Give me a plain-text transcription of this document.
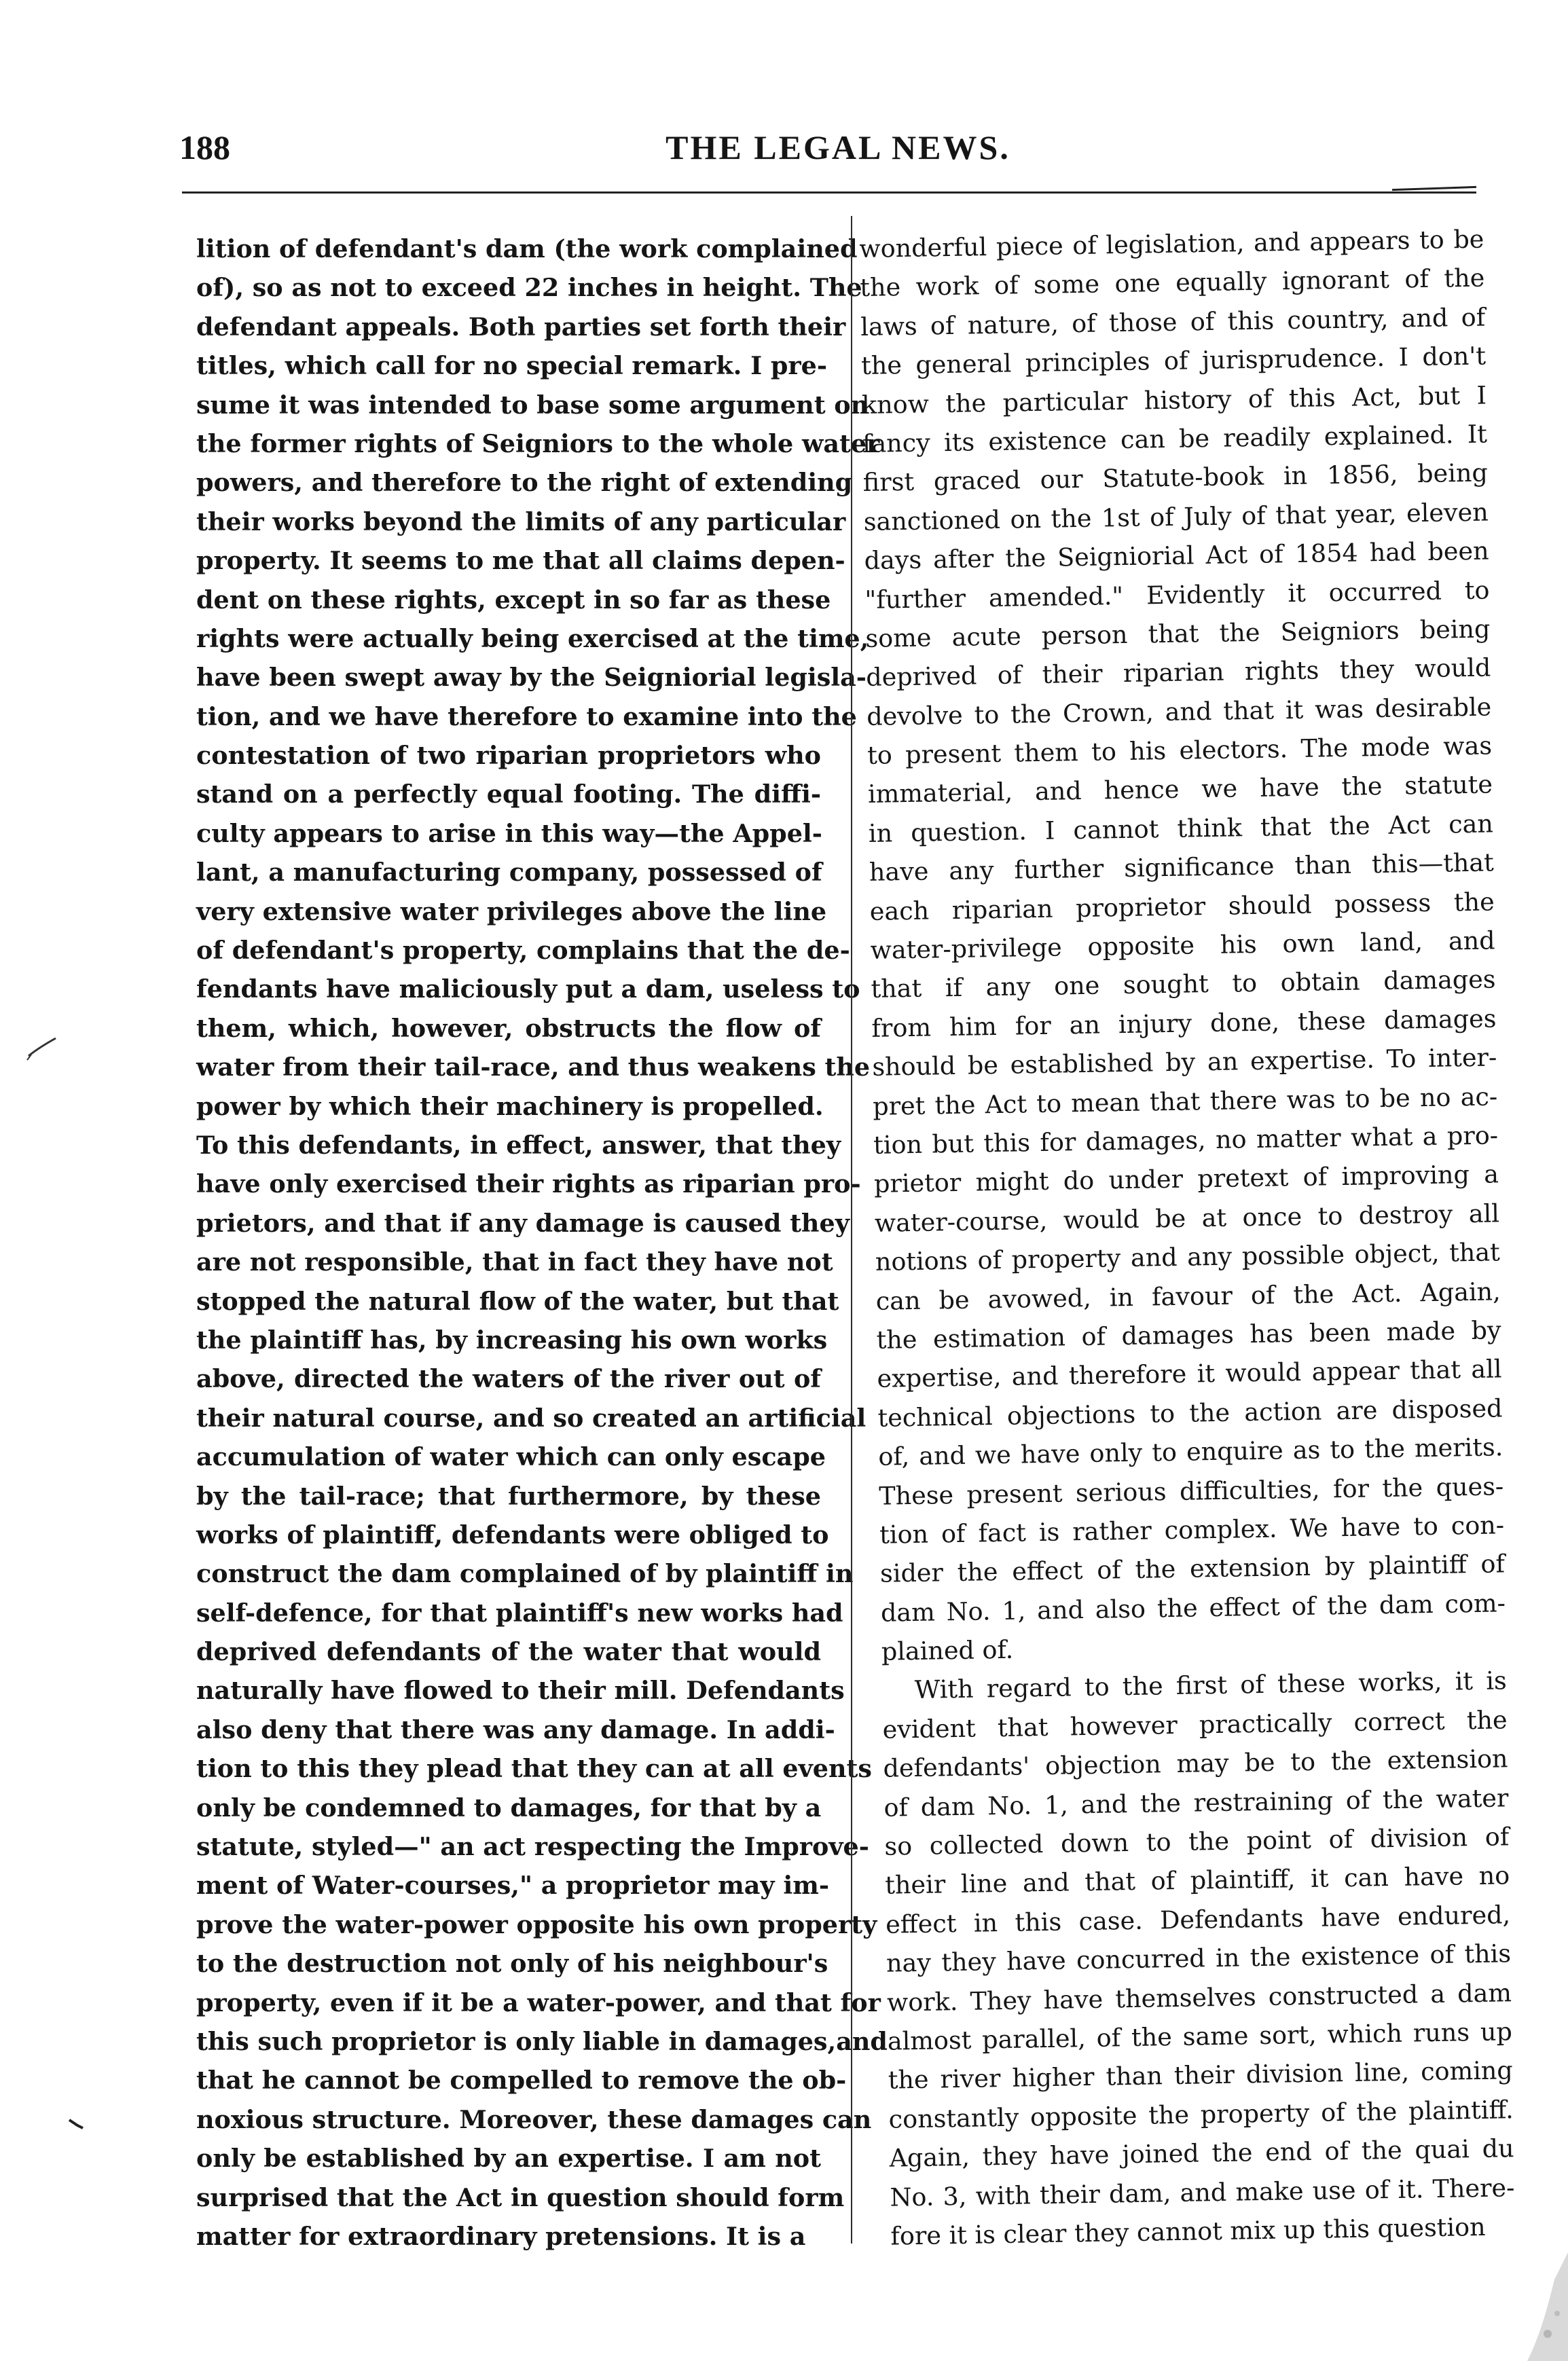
188	THE LEGAL NEWS.
lition of defendant's dam (the work complained
of), so as not to exceed 22 inches in height. The
defendant appeals. Both parties set forth their
titles, which call for no special remark. I pre-
sume it was intended to base some argument on
the former rights of Seigniors to the whole water
powers, and therefore to the right of extending
their works beyond the limits of any particular
property. It seems to me that all claims depen-
dent on these rights, except in so far as these
rights were actually being exercised at the time,
have been swept away by the Seigniorial legisla-
tion, and we have therefore to examine into the
contestation of two riparian proprietors who
stand on a perfectly equal footing. The diffi-
culty appears to arise in this way—the Appel-
lant, a manufacturing company, possessed of
very extensive water privileges above the line
of defendant's property, complains that the de-
fendants have maliciously put a dam, useless to
them, which, however, obstructs the flow of
water from their tail-race, and thus weakens the
power by which their machinery is propelled.
To this defendants, in effect, answer, that they
have only exercised their rights as riparian pro-
prietors, and that if any damage is caused they
are not responsible, that in fact they have not
stopped the natural flow of the water, but that
the plaintiff has, by increasing his own works
above, directed the waters of the river out of
their natural course, and so created an artificial
accumulation of water which can only escape
by the tail-race; that furthermore, by these
works of plaintiff, defendants were obliged to
construct the dam complained of by plaintiff in
self-defence, for that plaintiff's new works had
deprived defendants of the water that would
naturally have flowed to their mill. Defendants
also deny that there was any damage. In addi-
tion to this they plead that they can at all events
only be condemned to damages, for that by a
statute, styled—" an act respecting the Improve-
ment of Water-courses," a proprietor may im-
prove the water-power opposite his own property
to the destruction not only of his neighbour's
property, even if it be a water-power, and that for
this such proprietor is only liable in damages,and
that he cannot be compelled to remove the ob-
noxious structure. Moreover, these damages can
only be established by an expertise. I am not
surprised that the Act in question should form
matter for extraordinary pretensions. It is a
wonderful piece of legislation, and appears to be
the work of some one equally ignorant of the
laws of nature, of those of this country, and of
the general principles of jurisprudence. I don't
know the particular history of this Act, but I
fancy its existence can be readily explained. It
first graced our Statute-book in 1856, being
sanctioned on the 1st of July of that year, eleven
days after the Seigniorial Act of 1854 had been
"further amended." Evidently it occurred to
some acute person that the Seigniors being
deprived of their riparian rights they would
devolve to the Crown, and that it was desirable
to present them to his electors. The mode was
immaterial, and hence we have the statute
in question. I cannot think that the Act can
have any further significance than this—that
each riparian proprietor should possess the
water-privilege opposite his own land, and
that if any one sought to obtain damages
from him for an injury done, these damages
should be established by an expertise. To inter-
pret the Act to mean that there was to be no ac-
tion but this for damages, no matter what a pro-
prietor might do under pretext of improving a
water-course, would be at once to destroy all
notions of property and any possible object, that
can be avowed, in favour of the Act. Again,
the estimation of damages has been made by
expertise, and therefore it would appear that all
technical objections to the action are disposed
of, and we have only to enquire as to the merits.
These present serious difficulties, for the ques-
tion of fact is rather complex. We have to con-
sider the effect of the extension by plaintiff of
dam No. 1, and also the effect of the dam com-
plained of.
With regard to the first of these works, it is
evident that however practically correct the
defendants' objection may be to the extension
of dam No. 1, and the restraining of the water
so collected down to the point of division of
their line and that of plaintiff, it can have no
effect in this case. Defendants have endured,
nay they have concurred in the existence of this
work. They have themselves constructed a dam
almost parallel, of the same sort, which runs up
the river higher than their division line, coming
constantly opposite the property of the plaintiff.
Again, they have joined the end of the quai du
No. 3, with their dam, and make use of it. There-
fore it is clear they cannot mix up this question
